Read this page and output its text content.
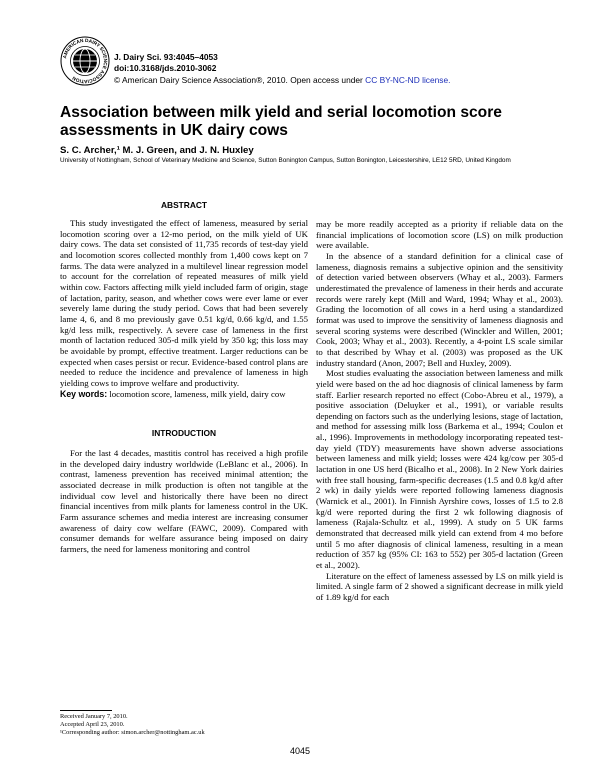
AMERICAN DAIRY SCIENCE ASSOCIATION
J. Dairy Sci. 93:4045–4053
doi:10.3168/jds.2010-3062
© American Dairy Science Association®, 2010. Open access under CC BY-NC-ND license.
Association between milk yield and serial locomotion score assessments in UK dairy cows
S. C. Archer,¹ M. J. Green, and J. N. Huxley
University of Nottingham, School of Veterinary Medicine and Science, Sutton Bonington Campus, Sutton Bonington, Leicestershire, LE12 5RD, United Kingdom
ABSTRACT

This study investigated the effect of lameness, measured by serial locomotion scoring over a 12-mo period, on the milk yield of UK dairy cows. The data set consisted of 11,735 records of test-day yield and locomotion scores collected monthly from 1,400 cows kept on 7 farms. The data were analyzed in a multilevel linear regression model to account for the correlation of repeated measures of milk yield within cow. Factors affecting milk yield included farm of origin, stage of lactation, parity, season, and whether cows were ever lame or ever severely lame during the study period. Cows that had been severely lame 4, 6, and 8 mo previously gave 0.51 kg/d, 0.66 kg/d, and 1.55 kg/d less milk, respectively. A severe case of lameness in the first month of lactation reduced 305-d milk yield by 350 kg; this loss may be avoidable by prompt, effective treatment. Larger reductions can be expected when cases persist or recur. Evidence-based control plans are needed to reduce the incidence and prevalence of lameness in high yielding cows to improve welfare and productivity.

Key words: locomotion score, lameness, milk yield, dairy cow

INTRODUCTION

For the last 4 decades, mastitis control has received a high profile in the developed dairy industry worldwide (LeBlanc et al., 2006). In contrast, lameness prevention has received minimal attention; the associated decrease in milk production is often not tangible at the individual cow level and historically there have been no direct financial incentives from milk plants for lameness control in the UK. Farm assurance schemes and media interest are increasing consumer awareness of dairy cow welfare (FAWC, 2009). Compared with consumer demands for welfare assurance being imposed on dairy farmers, the need for lameness monitoring and control

may be more readily accepted as a priority if reliable data on the financial implications of locomotion score (LS) on milk production were available.

In the absence of a standard definition for a clinical case of lameness, diagnosis remains a subjective opinion and the sensitivity of detection varied between observers (Whay et al., 2003). Farmers underestimated the prevalence of lameness in their herds and accurate records were rarely kept (Mill and Ward, 1994; Whay et al., 2003). Grading the locomotion of all cows in a herd using a standardized format was used to improve the sensitivity of lameness diagnosis and several scoring systems were described (Winckler and Willen, 2001; Cook, 2003; Whay et al., 2003). Recently, a 4-point LS scale similar to that described by Whay et al. (2003) was proposed as the UK industry standard (Anon, 2007; Bell and Huxley, 2009).

Most studies evaluating the association between lameness and milk yield were based on the ad hoc diagnosis of clinical lameness by farm staff. Earlier research reported no effect (Cobo-Abreu et al., 1979), a positive association (Deluyker et al., 1991), or variable results depending on factors such as the underlying lesions, stage of lactation, and method for assessing milk loss (Barkema et al., 1994; Coulon et al., 1996). Improvements in methodology incorporating repeated test-day yield (TDY) measurements have shown adverse associations between lameness and milk yield; losses were 424 kg/cow per 305-d lactation in one US herd (Bicalho et al., 2008). In 2 New York dairies with free stall housing, farm-specific decreases (1.5 and 0.8 kg/d after 2 wk) in daily yields were reported following lameness diagnosis (Warnick et al., 2001). In Finnish Ayrshire cows, losses of 1.5 to 2.8 kg/d were reported during the first 2 wk following diagnosis of lameness (Rajala-Schultz et al., 1999). A study on 5 UK farms demonstrated that decreased milk yield can extend from 4 mo before until 5 mo after diagnosis of clinical lameness, resulting in a mean reduction of 357 kg (95% CI: 163 to 552) per 305-d lactation (Green et al., 2002).

Literature on the effect of lameness assessed by LS on milk yield is limited. A single farm of 2 showed a significant decrease in milk yield of 1.89 kg/d for each

Received January 7, 2010.
Accepted April 23, 2010.
¹Corresponding author: simon.archer@nottingham.ac.uk
4045
